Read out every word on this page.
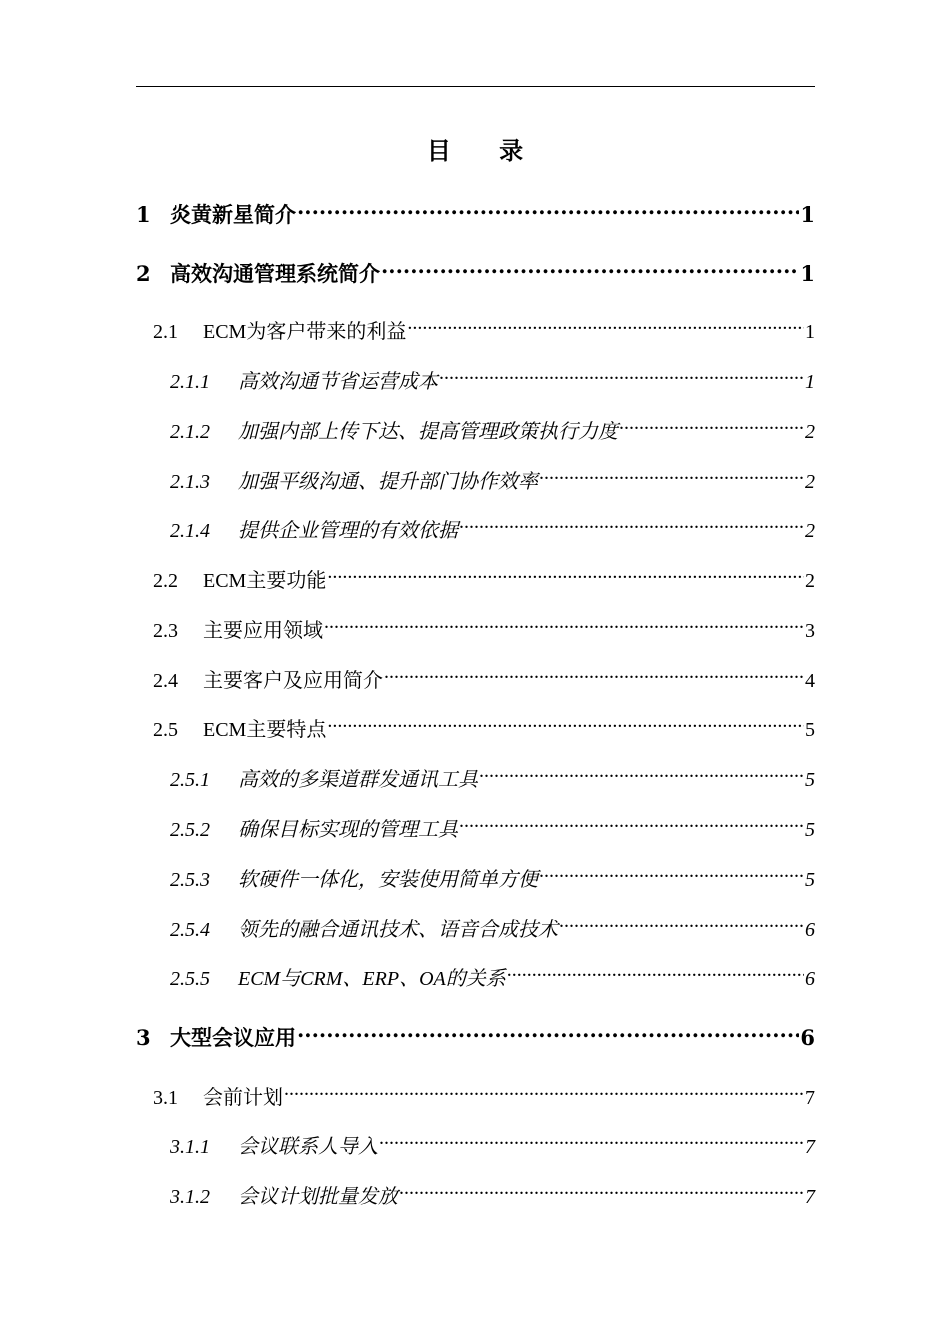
目 录
1 炎黄新星简介 .....	1
2 高效沟通管理系统简介 .....	1
2.1	ECM为客户带来的利益 .....	1
2.1.1	高效沟通节省运营成本 .....	1
2.1.2	加强内部上传下达、提高管理政策执行力度 .....	2
2.1.3	加强平级沟通、提升部门协作效率 .....	2
2.1.4	提供企业管理的有效依据 .....	2
2.2	ECM主要功能 .....	2
2.3	主要应用领域 .....	3
2.4	主要客户及应用简介 .....	4
2.5	ECM主要特点 .....	5
2.5.1	高效的多渠道群发通讯工具 .....	5
2.5.2	确保目标实现的管理工具 .....	5
2.5.3	软硬件一体化，安装使用简单方便 .....	5
2.5.4	领先的融合通讯技术、语音合成技术 .....	6
2.5.5	ECM与CRM、ERP、OA的关系 .....	6
3 大型会议应用 .....	6
3.1	会前计划 .....	7
3.1.1	会议联系人导入 .....	7
3.1.2	会议计划批量发放 .....	7
